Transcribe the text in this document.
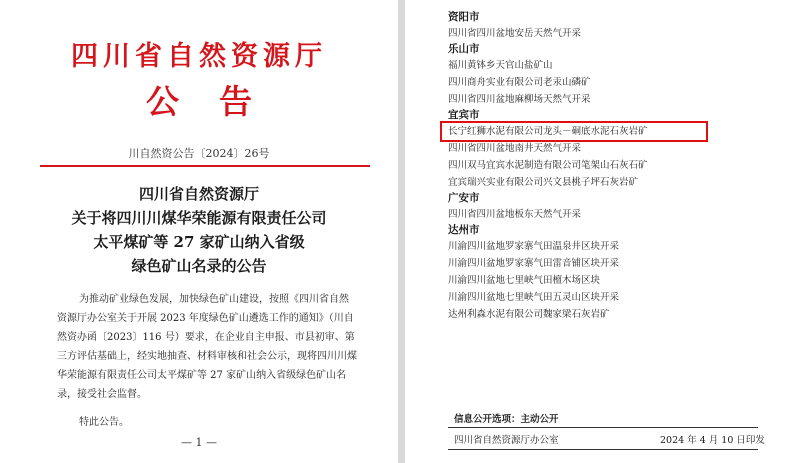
四川省自然资源厅
公告
川自然资公告〔2024〕26号
四川省自然资源厅
关于将四川川煤华荣能源有限责任公司
太平煤矿等 27 家矿山纳入省级
绿色矿山名录的公告
为推动矿业绿色发展，加快绿色矿山建设，按照《四川省自然资源厅办公室关于开展 2023 年度绿色矿山遴选工作的通知》（川自然资办函〔2023〕116 号）要求，在企业自主申报、市县初审、第三方评估基础上，经实地抽查、材料审核和社会公示，现将四川川煤华荣能源有限责任公司太平煤矿等 27 家矿山纳入省级绿色矿山名录，接受社会监督。
特此公告。
— 1 —
资阳市
四川省四川盆地安岳天然气开采
乐山市
福川黄钵乡天官山盐矿山
四川商舟实业有限公司老汞山磷矿
四川省四川盆地麻柳场天然气开采
宜宾市
长宁红狮水泥有限公司龙头－硐底水泥石灰岩矿
四川省四川盆地南井天然气开采
四川双马宜宾水泥制造有限公司笔架山石灰石矿
宜宾瑞兴实业有限公司兴文县桃子坪石灰岩矿
广安市
四川省四川盆地板东天然气开采
达州市
川渝四川盆地罗家寨气田温泉井区块开采
川渝四川盆地罗家寨气田雷音铺区块开采
川渝四川盆地七里峡气田檀木场区块
川渝四川盆地七里峡气田五灵山区块开采
达州利森水泥有限公司魏家梁石灰岩矿
信息公开选项：主动公开
四川省自然资源厅办公室	2024 年 4 月 10 日印发
